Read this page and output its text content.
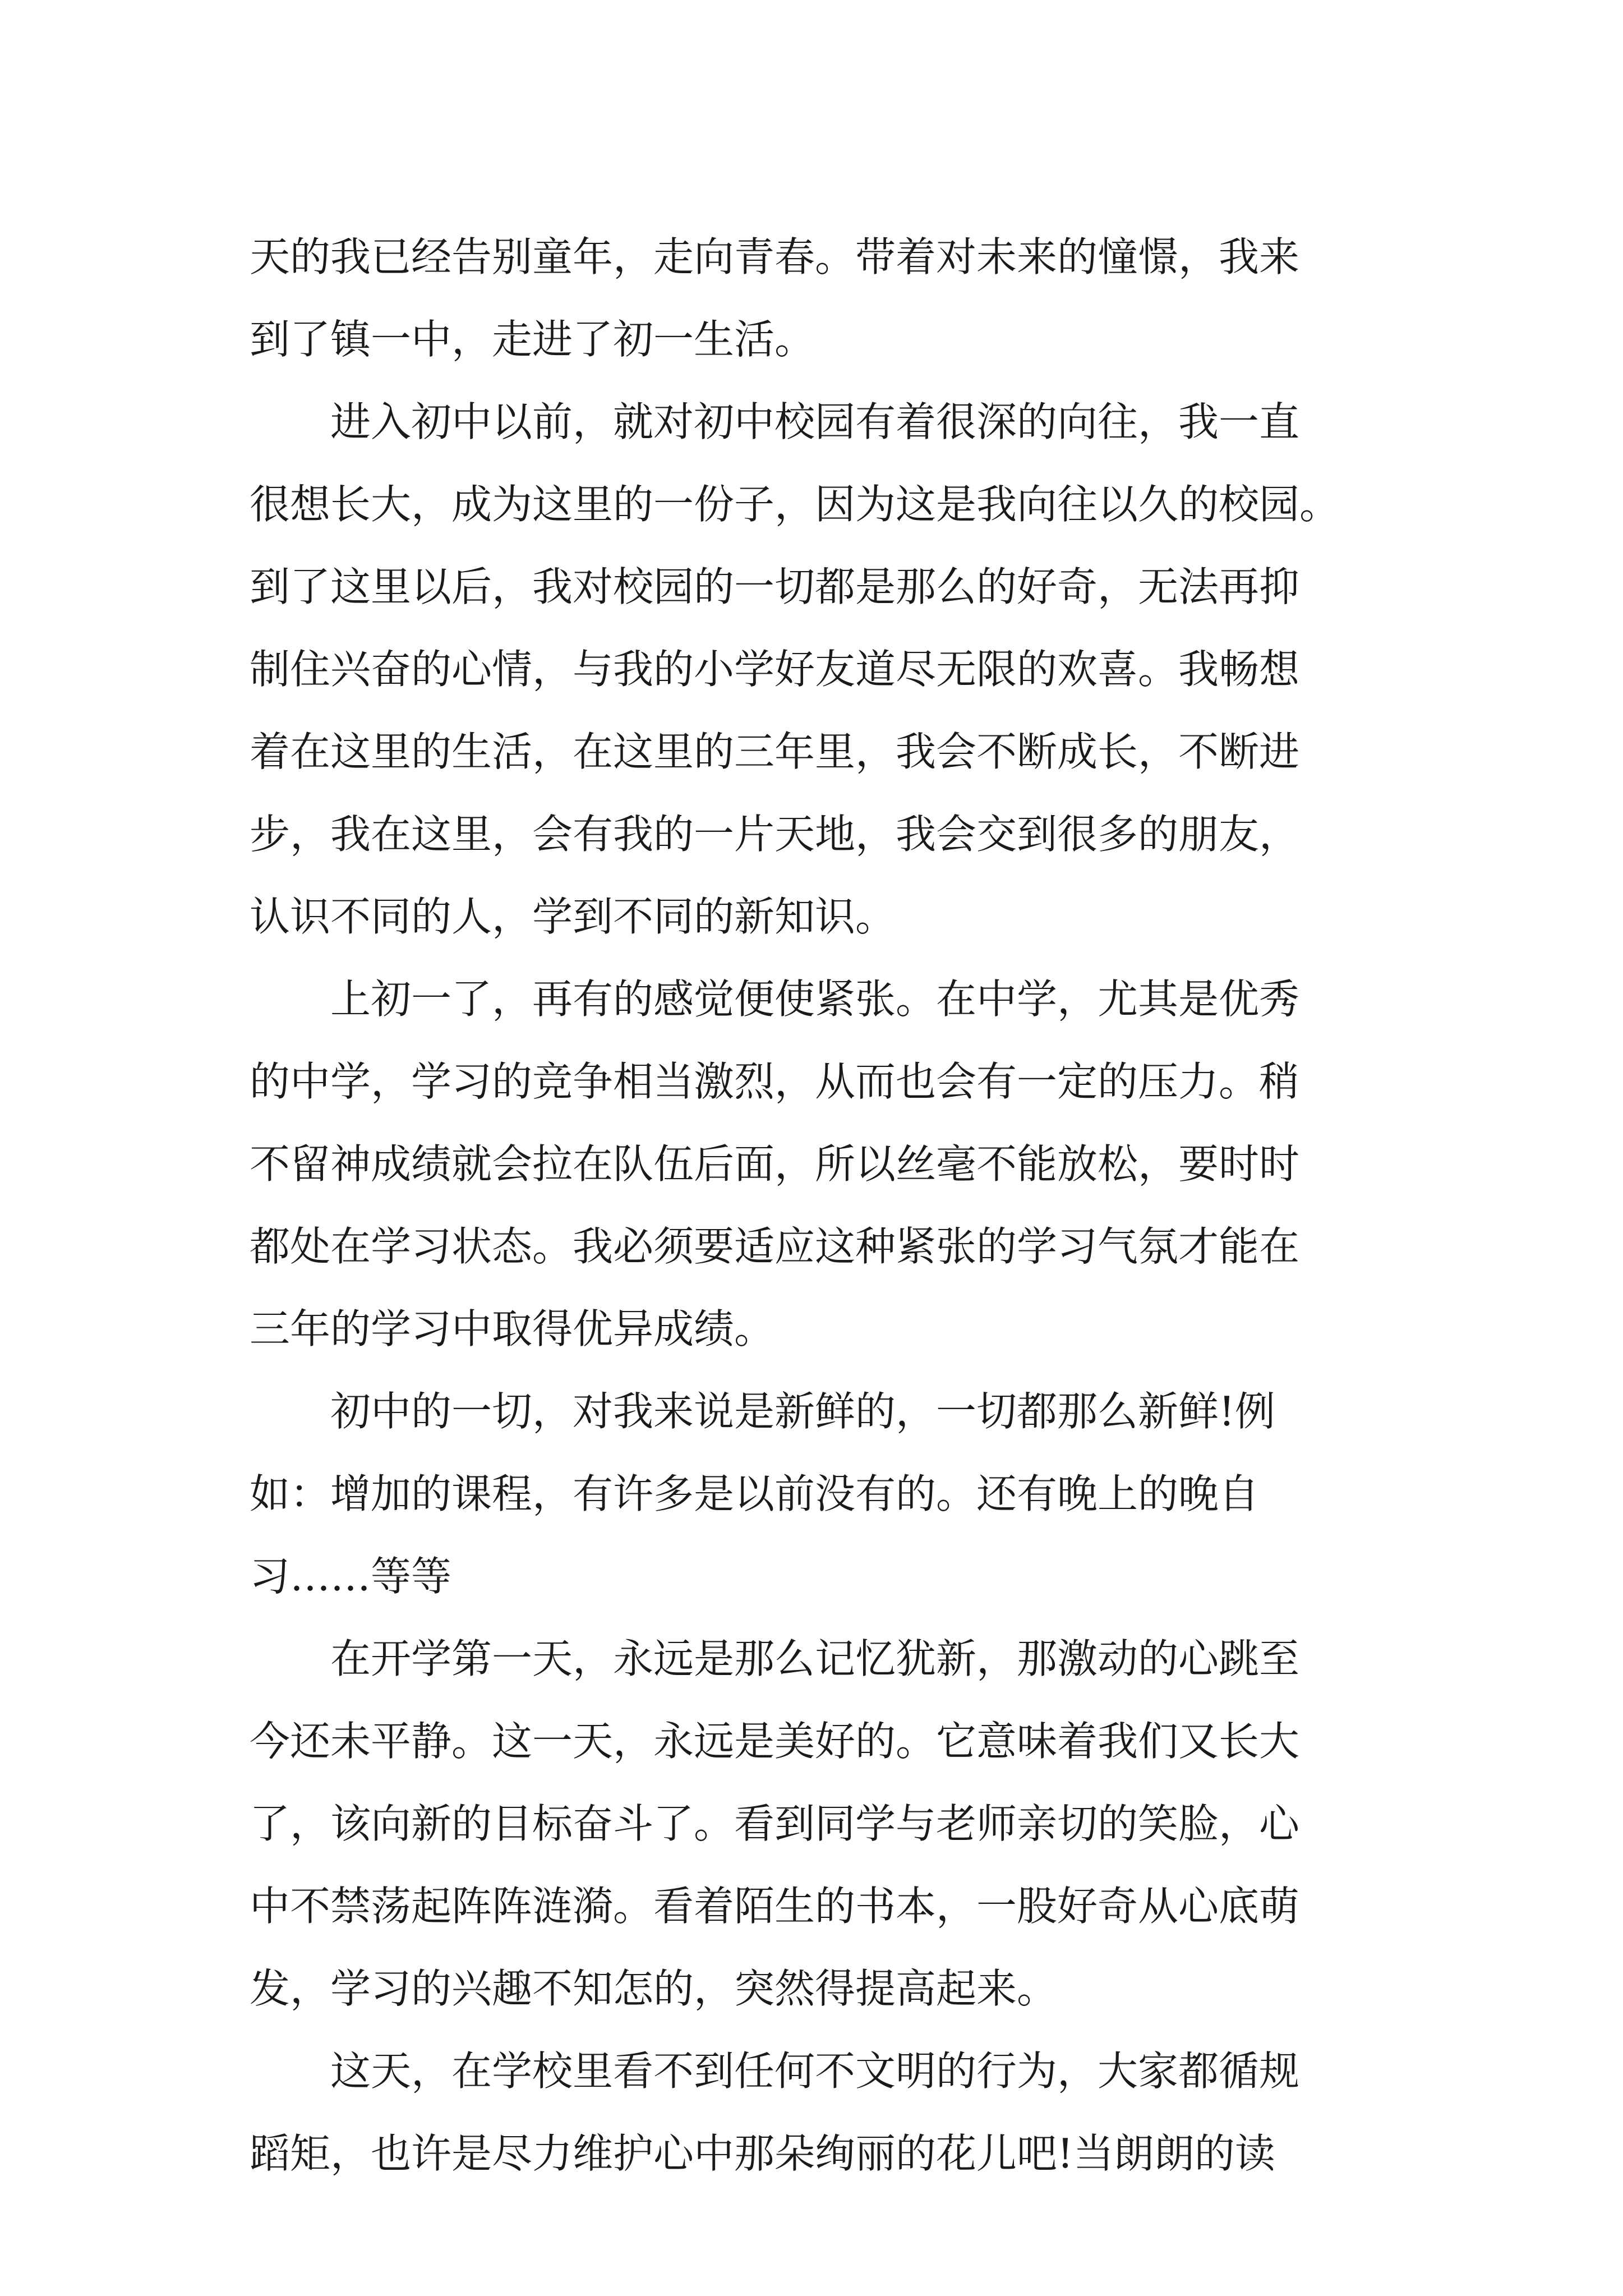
天的我已经告别童年，走向青春。带着对未来的憧憬，我来
到了镇一中，走进了初一生活。

进入初中以前，就对初中校园有着很深的向往，我一直
很想长大，成为这里的一份子，因为这是我向往以久的校园。
到了这里以后，我对校园的一切都是那么的好奇，无法再抑
制住兴奋的心情，与我的小学好友道尽无限的欢喜。我畅想
着在这里的生活，在这里的三年里，我会不断成长，不断进
步，我在这里，会有我的一片天地，我会交到很多的朋友，
认识不同的人，学到不同的新知识。

上初一了，再有的感觉便使紧张。在中学，尤其是优秀
的中学，学习的竞争相当激烈，从而也会有一定的压力。稍
不留神成绩就会拉在队伍后面，所以丝毫不能放松，要时时
都处在学习状态。我必须要适应这种紧张的学习气氛才能在
三年的学习中取得优异成绩。

初中的一切，对我来说是新鲜的，一切都那么新鲜!例
如：增加的课程，有许多是以前没有的。还有晚上的晚自
习……等等

在开学第一天，永远是那么记忆犹新，那激动的心跳至
今还未平静。这一天，永远是美好的。它意味着我们又长大
了，该向新的目标奋斗了。看到同学与老师亲切的笑脸，心
中不禁荡起阵阵涟漪。看着陌生的书本，一股好奇从心底萌
发，学习的兴趣不知怎的，突然得提高起来。

这天，在学校里看不到任何不文明的行为，大家都循规
蹈矩，也许是尽力维护心中那朵绚丽的花儿吧!当朗朗的读
